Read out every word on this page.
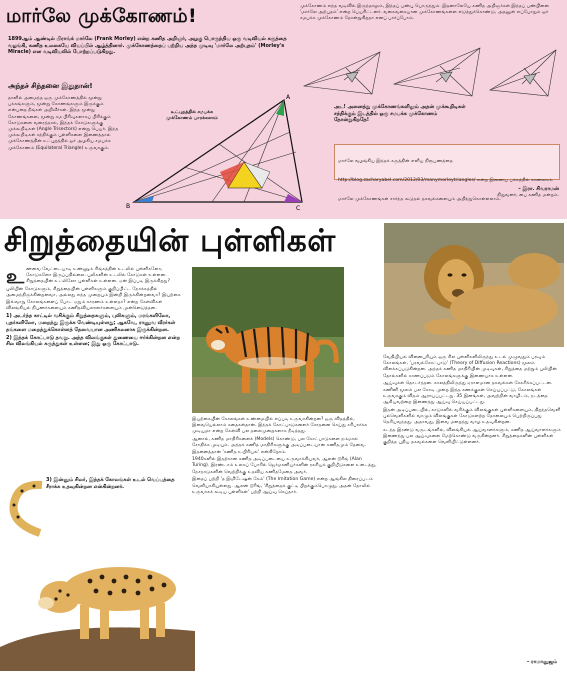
மார்லே முக்கோணம்!
1899ஆம் ஆண்டில் பிராங்க் மார்லே (Frank Morley) என்ற கணித அறிஞர், அழகு பொருந்திய ஒரு வடிவியல் கருத்தை வழங்கி, கணித உலகையே வியப்பில் ஆழ்த்தினார். முக்கோணத்தைப் பற்றிய அந்த முடிவு 'மார்லே அற்புதம்' (Morley's Miracle) என வடிவியலில் போற்றப்படுகிறது.
அந்தச் சிந்தனை இதுதான்!
தாளில் அமைந்த ஒரு முக்கோணத்தில் மூன்று பக்கங்களும், மூன்று கோணங்களும் இருக்கும் என்பதை நீங்கள் அறிவீர்கள். இந்த மூன்று கோணங்களை, மூன்று சம பிரிவுகளாகப் பிரிக்கும் கோடுகளை வரைந்தால், இந்தக் கோடுகளுக்கு முக்கூறிடிகள் (Angle Trisectors) என்று பெயர். இந்த முக்கூறிடிகள் சந்திக்கும் புள்ளிகளை இணைத்தால் முக்கோணத்தின் உட்புறத்தில் ஓர் அழகிய சமபக்க முக்கோணம் (Equilateral Triangle) உருவாகும்.
A
B	C
உட்புறத்தில் சமபக்க முக்கோணம் பாரக்கலாம்
முக்கோணம் எந்த வடிவில் இருந்தாலும், இந்தப் பண்பு பொருந்தும். இதனாலேயே கணித அறிஞர்கள் இந்தப் பண்பினை 'மார்லே அற்புதம்' என்ற பெயரிட்டனர். வகைவகையான முக்கோணங்களை எடுத்துக்கொண்டு, அதனுள் எப்போதும் ஓர் சமபக்க முக்கோணம் தோன்றுகிறதா எனப் பார்ப்போம்.
அட! அனைத்து முக்கோணங்களிலும் அதன் முக்கூறிடிகள் சந்திக்கும் இடத்தில் ஒரு சமபக்க முக்கோணம் தோன்றுகிறதே!
மார்லே வழங்கிய இந்தக் கருத்தின் எளிய நிரூபணத்தை http://blog.zacharyabel.com/2012/03/manymorleytriangles/ என்ற இணைய பக்கத்தில் காணலாம். மார்லே முக்கோணங்கள் சார்ந்த கூடுதல் தகவல்களையும் அறிந்துகொள்ளலாம்.
– இரா. சிவராமன்
நிறுவனர், பை கணித மன்றம்.
சிறுத்தையின் புள்ளிகள்

உணவை வேட்டையாடி உண்ணும் சிங்கத்தின் உடலில் புள்ளிகளோ, கோடுகளோ இருப்பதில்லை. புலிகளின் உடலில் கோடுகள் உள்ளன. சிறுத்தையின் உடலிலோ புள்ளிகள் உள்ளன. ஏன் இப்படி இருக்கிறது?

புலியின் கோடுகளும், சிறுத்தையின் புள்ளிகளும் குறிப்பிட்ட நோக்கத்தில் அமைந்திருக்கின்றனவா, அல்லது எந்த முறையும் இன்றி இருக்கின்றனவா? இயற்கை இவ்வாறு கோலங்களைப் போட ஏதும் காரணம் உள்ளதா? என்ற கேள்விகள் விலங்கியல் நிபுணர்களையும் கணிதவியலாளர்களையும் முன்னெடுத்தன.

1) அடர்ந்த காட்டில் வசிக்கும் சிறுத்தைகளும், புலிகளும், மரங்களிலோ, புதர்களிலோ, மறைந்து இருக்க வேண்டியுள்ளது; ஆகவே, ராணுவ வீரர்கள் தங்களை மறைத்துக்கொள்ளத் தேவையான அணிகலனாக இருக்கின்றன.

2) இந்தக் கோட்பாடு தவறு. அந்த விலங்குகள் துணையை ஈர்க்கின்றன என்ற சில விலங்கியல் கருத்துகள் உள்ளன; இது ஒரு கோட்பாடு.

இயற்கையின் கோலங்கள் உண்மையில் எப்படி உருவாகின்றன? ஒரு விதத்தில், இவையெல்லாம் கதைகள்தான். இந்தக் கோட்பாடுகளைச் சோதனை செய்து சரிபார்க்க முடியுமா என்ற கேள்வி பல தலைமுறைகளாக நீடித்தது.

ஆனால், கணித மாதிரிகளைக் (Models) கொண்டு, பல கோட்பாடுகளை நம்மால் சோதிக்க முடியும். அந்தக் கணித மாதிரிகளுக்கு அடிப்படையான கணிதமும் தேவை. இதனைத்தான் 'கணித உயிரியல்' என்கிறோம்.

1940களில் இதற்கான கணித அடிப்படையை உருவாக்கியவர், ஆலன் டூரிங் (Alan Turing). இரண்டாம் உலகப் போரில் ஜெர்மானியர்களின் ரகசியக் குறியீடுகளை உடைத்து, நேசநாடுகளின் வெற்றிக்கு உதவிய கணிதமேதை அவர்.

இதைப் பற்றி 'த இமிடேஷன் கேம்' (The Imitation Game) என்ற ஆங்கில திரைப்படம் வெளியாகியுள்ளது. ஆலன் டூரிங், 'சிறுத்தைக் குட்டி பிறக்கும்பொழுது, அதன் தோலில் உருவாகக் கூடிய புள்ளிகள்' பற்றி ஆய்வு செய்தார்.

வேதியியல் வினைபுரியும் ஒரு சில புள்ளிகளிலிருந்து உடல் முழுவதும் பரவும் கோலங்கள், 'பரவல்கோட்பாடு' (Theory of Diffusion Reactions) மூலம் விளக்கப்படுகின்றன. அந்தக் கணித மாதிரியின் முடிவுகள், சிறுத்தை மற்றும் புலியின் தோல்களில் காணப்படும் கோலங்களுக்கு இணையாக உள்ளன.

ஆய்வுகள் தொடர்ந்தன. காலத்திலிருந்து ஏராளமான தகவல்கள் சேகரிக்கப்பட்டன. கணினி மூலம் பல கோடி முறை இந்த கணக்குகள் செய்யப்பட்டு, கோலங்கள் உருவாகும் விதம் ஆராயப்பட்டது. 35 இனங்கள், அவற்றின் வாழிடம், நடத்தை ஆகியவற்றை இணைத்து ஆய்வு செய்யப்பட்டது.

இதன் அடிப்படையில், காடுகளில் வசிக்கும் விலங்குகள் புள்ளிகளையும், திறந்தவெளி புல்வெளிகளில் வாழும் விலங்குகள் கோடுகளற்ற தோலையும் பெற்றிருப்பது தெரியவந்தது. அதாவது, இவை மறைந்து வாழ உதவுகின்றன.

கடந்த இரண்டு வருடங்களில், விலங்கியல் ஆய்வாளர்களும், கணித ஆய்வாளர்களும் இணைந்து பல ஆய்வுகளை மேற்கொண்டு வருகின்றனர். சிறுத்தைகளின் புள்ளிகள் குறித்த புதிய தகவல்களை வெளியிட்டுள்ளனர்.

3) இன்னும் சிலர், இந்தக் கோலங்கள் உடல் வெப்பத்தை சீராக்க உதவுகின்றன என்கின்றனர்.
– ராமானுஜம்
